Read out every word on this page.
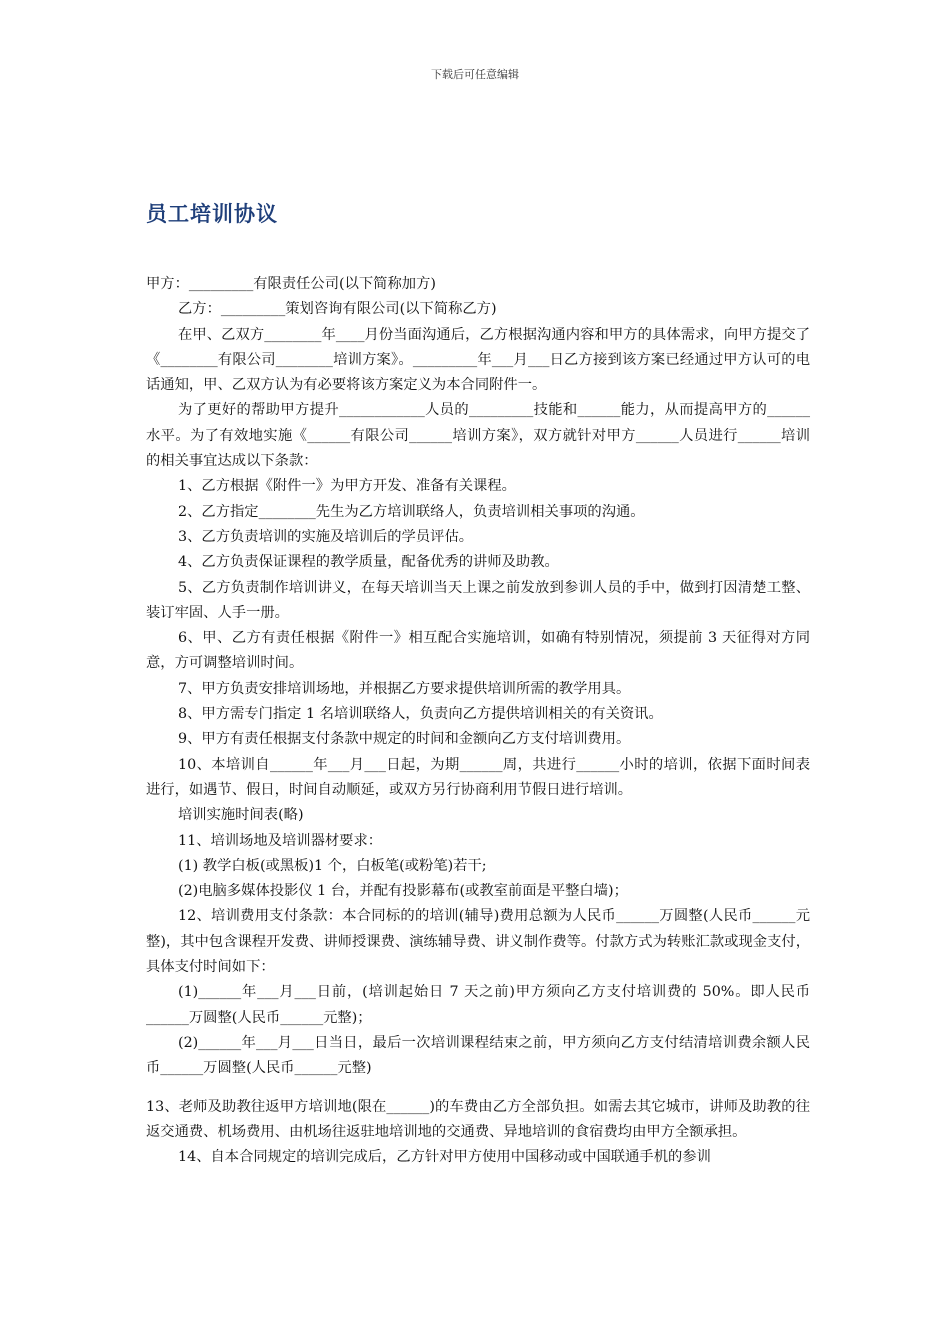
下载后可任意编辑
员工培训协议

甲方：_________有限责任公司(以下简称加方)

乙方：_________策划咨询有限公司(以下简称乙方)

在甲、乙双方________年____月份当面沟通后，乙方根据沟通内容和甲方的具体需求，向甲方提交了《________有限公司________培训方案》。_________年___月___日乙方接到该方案已经通过甲方认可的电话通知，甲、乙双方认为有必要将该方案定义为本合同附件一。

为了更好的帮助甲方提升____________人员的_________技能和______能力，从而提高甲方的______水平。为了有效地实施《______有限公司______培训方案》，双方就针对甲方______人员进行______培训的相关事宜达成以下条款：

1、乙方根据《附件一》为甲方开发、准备有关课程。

2、乙方指定________先生为乙方培训联络人，负责培训相关事项的沟通。

3、乙方负责培训的实施及培训后的学员评估。

4、乙方负责保证课程的教学质量，配备优秀的讲师及助教。

5、乙方负责制作培训讲义，在每天培训当天上课之前发放到参训人员的手中，做到打因清楚工整、装订牢固、人手一册。

6、甲、乙方有责任根据《附件一》相互配合实施培训，如确有特别情况，须提前 3 天征得对方同意，方可调整培训时间。

7、甲方负责安排培训场地，并根据乙方要求提供培训所需的教学用具。

8、甲方需专门指定 1 名培训联络人，负责向乙方提供培训相关的有关资讯。

9、甲方有责任根据支付条款中规定的时间和金额向乙方支付培训费用。

10、本培训自______年___月___日起，为期______周，共进行______小时的培训，依据下面时间表进行，如遇节、假日，时间自动顺延，或双方另行协商利用节假日进行培训。

培训实施时间表(略)

11、培训场地及培训器材要求：

(1) 教学白板(或黑板)1 个，白板笔(或粉笔)若干;

(2)电脑多媒体投影仪 1 台，并配有投影幕布(或教室前面是平整白墙)；

12、培训费用支付条款：本合同标的的培训(辅导)费用总额为人民币______万圆整(人民币______元整)，其中包含课程开发费、讲师授课费、演练辅导费、讲义制作费等。付款方式为转账汇款或现金支付，具体支付时间如下：

(1)______年___月___日前，(培训起始日 7 天之前)甲方须向乙方支付培训费的 50%。即人民币______万圆整(人民币______元整)；

(2)______年___月___日当日，最后一次培训课程结束之前，甲方须向乙方支付结清培训费余额人民币______万圆整(人民币______元整)

13、老师及助教往返甲方培训地(限在______)的车费由乙方全部负担。如需去其它城市，讲师及助教的往返交通费、机场费用、由机场往返驻地培训地的交通费、异地培训的食宿费均由甲方全额承担。

14、自本合同规定的培训完成后，乙方针对甲方使用中国移动或中国联通手机的参训
